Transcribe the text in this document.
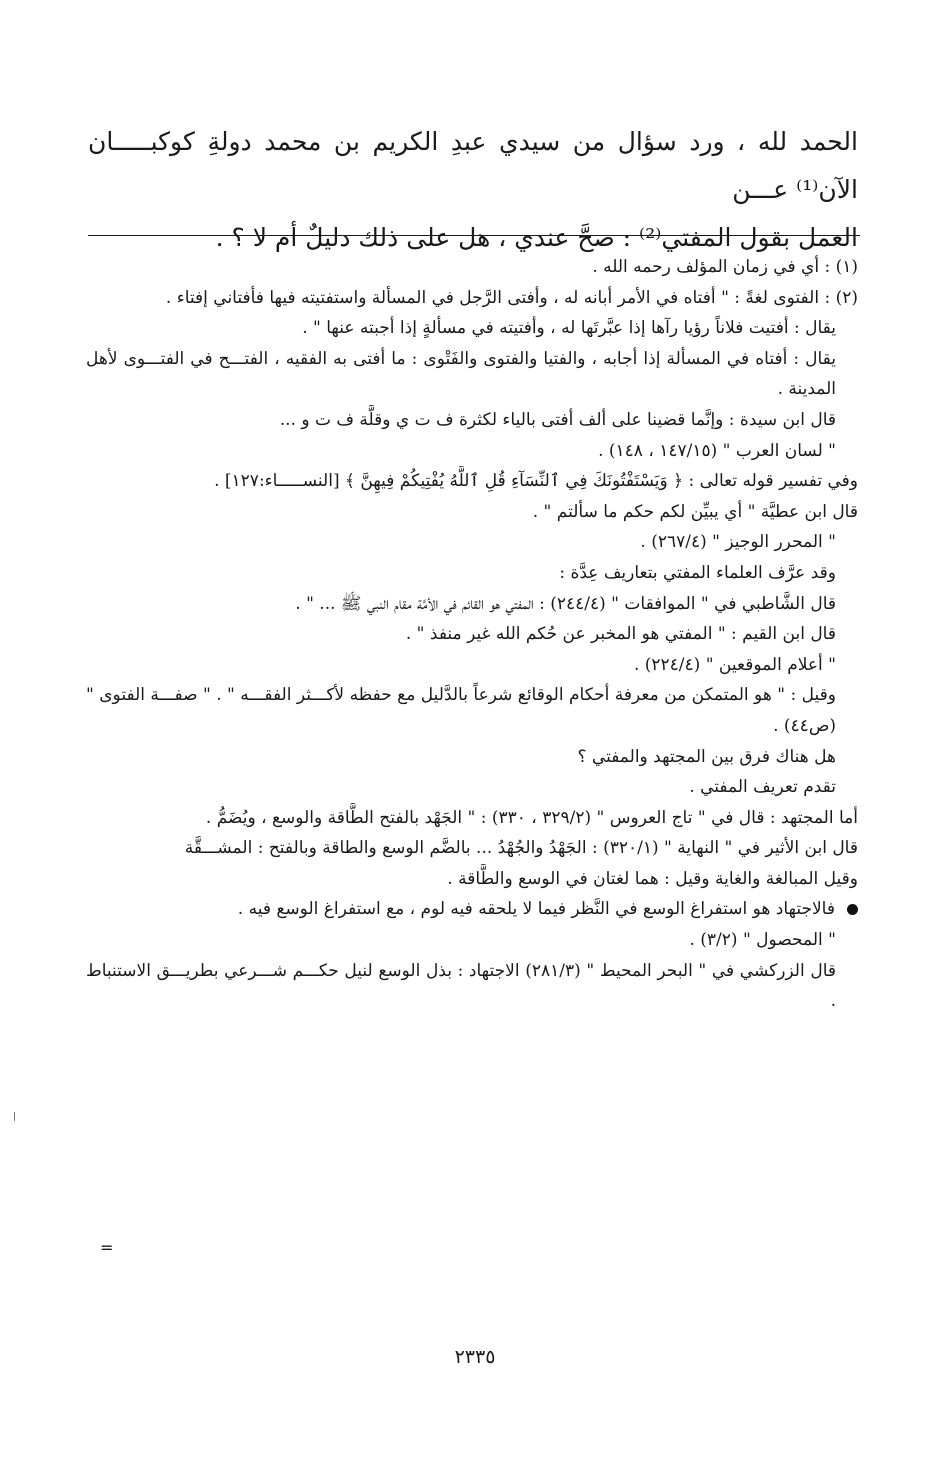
الحمد لله ، ورد سؤال من سيدي عبدِ الكريم بن محمد دولةِ كوكبـــــان الآن⁽¹⁾ عـــن

العمل بقول المفتي⁽²⁾ : صحَّ عندي ، هل على ذلك دليلٌ أم لا ؟ .

(١) : أي في زمان المؤلف رحمه الله .

(٢) : الفتوى لغةً : " أفتاه في الأمر أبانه له ، وأفتى الرَّجل في المسألة واستفتيته فيها فأفتاني إفتاء .

يقال : أفتيت فلاناً رؤيا رآها إذا عبَّرتَها له ، وأفتيته في مسألةٍ إذا أجبته عنها " .

يقال : أفتاه في المسألة إذا أجابه ، والفتيا والفتوى والفَتْوى : ما أفتى به الفقيه ، الفتـــح في الفتـــوى لأهل المدينة .

قال ابن سيدة : وإنَّما قضينا على ألف أفتى بالياء لكثرة ف ت ي وقلَّة ف ت و ...

" لسان العرب " (١٤٧/١٥ ، ١٤٨) .

وفي تفسير قوله تعالى : ﴿ وَيَسْتَفْتُونَكَ فِي ٱلنِّسَآءِ قُلِ ٱللَّهُ يُفْتِيكُمْ فِيهِنَّ ﴾ [النســـــاء:١٢٧] .

قال ابن عطيَّة " أي يبيِّن لكم حكم ما سألتم " .

" المحرر الوجيز " (٢٦٧/٤) .

وقد عرَّف العلماء المفتي بتعاريف عِدَّة :

قال الشَّاطبي في " الموافقات " (٢٤٤/٤) : المفتي هو القائم في الأمَّة مقام النبي ﷺ ... " .

قال ابن القيم : " المفتي هو المخبر عن حُكم الله غير منفذ " .

" أعلام الموقعين " (٢٢٤/٤) .

وقيل : " هو المتمكن من معرفة أحكام الوقائع شرعاً بالدَّليل مع حفظه لأكـــثر الفقـــه " . " صفـــة الفتوى " (ص٤٤) .

هل هناك فرق بين المجتهد والمفتي ؟

تقدم تعريف المفتي .

أما المجتهد : قال في " تاج العروس " (٣٢٩/٢ ، ٣٣٠) : " الجَهْد بالفتح الطَّاقة والوسع ، ويُضَمُّ .

قال ابن الأثير في " النهاية " (٣٢٠/١) : الجَهْدُ والجُهْدُ ... بالضَّم الوسع والطاقة وبالفتح : المشـــقَّة

وقيل المبالغة والغاية وقيل : هما لغتان في الوسع والطَّاقة .

فالاجتهاد هو استفراغ الوسع في النَّظر فيما لا يلحقه فيه لوم ، مع استفراغ الوسع فيه .

" المحصول " (٣/٢) .

قال الزركشي في " البحر المحيط " (٢٨١/٣) الاجتهاد : بذل الوسع لنيل حكـــم شـــرعي بطريـــق الاستنباط .

=
٢٣٣٥
